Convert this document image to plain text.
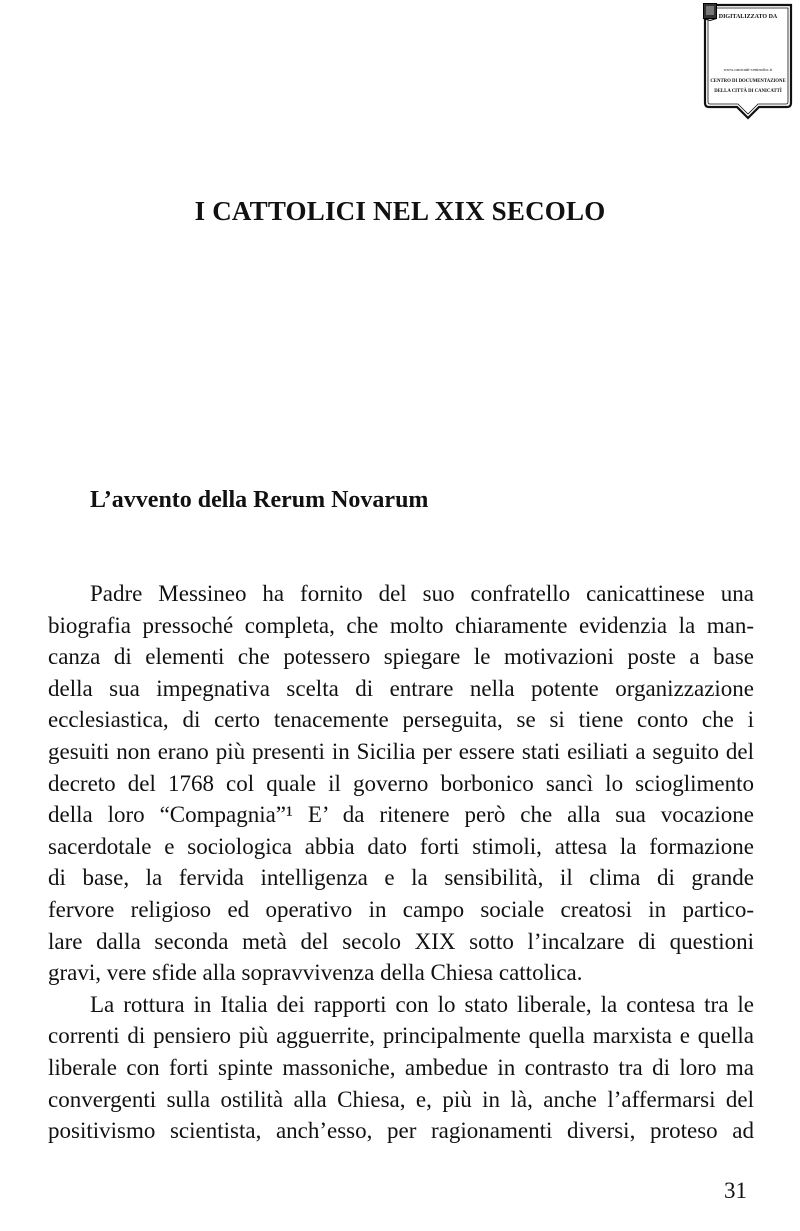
DIGITALIZZATO DA
www.canicatti-centrodoc.it
CENTRO DI DOCUMENTAZIONE
DELLA CITTÀ DI CANICATTÌ
I CATTOLICI NEL XIX SECOLO
L’avvento della Rerum Novarum

Padre Messineo ha fornito del suo confratello canicattinese una

biografia pressoché completa, che molto chiaramente evidenzia la man-

canza di elementi che potessero spiegare le motivazioni poste a base

della sua impegnativa scelta di entrare nella potente organizzazione

ecclesiastica, di certo tenacemente perseguita, se si tiene conto che i

gesuiti non erano più presenti in Sicilia per essere stati esiliati a seguito del

decreto del 1768 col quale il governo borbonico sancì lo scioglimento

della loro “Compagnia”¹ E’ da ritenere però che alla sua vocazione

sacerdotale e sociologica abbia dato forti stimoli, attesa la formazione

di base, la fervida intelligenza e la sensibilità, il clima di grande

fervore religioso ed operativo in campo sociale creatosi in partico-

lare dalla seconda metà del secolo XIX sotto l’incalzare di questioni

gravi, vere sfide alla sopravvivenza della Chiesa cattolica.

La rottura in Italia dei rapporti con lo stato liberale, la contesa tra le

correnti di pensiero più agguerrite, principalmente quella marxista e quella

liberale con forti spinte massoniche, ambedue in contrasto tra di loro ma

convergenti sulla ostilità alla Chiesa, e, più in là, anche l’affermarsi del

positivismo scientista, anch’esso, per ragionamenti diversi, proteso ad

31
